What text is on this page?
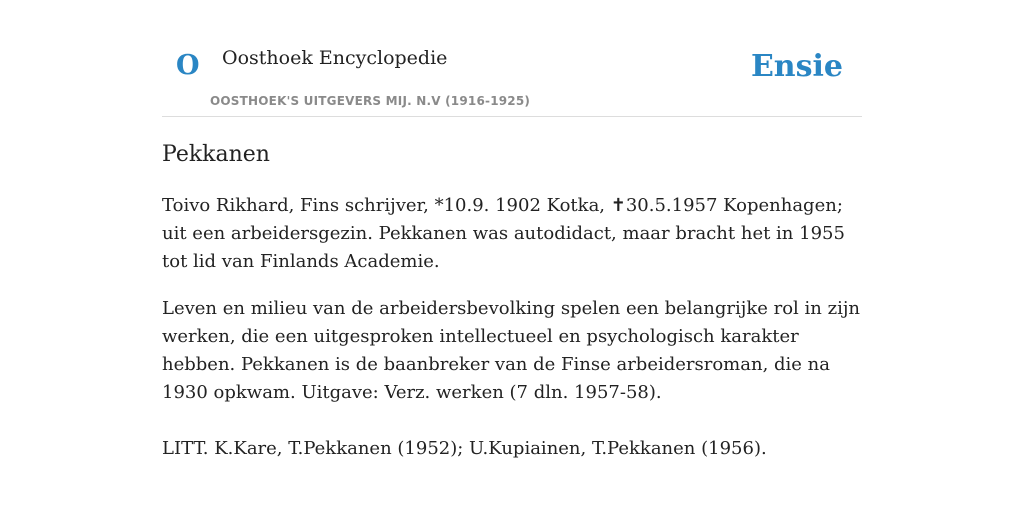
O Oosthoek Encyclopedie
OOSTHOEK'S UITGEVERS MIJ. N.V (1916-1925)
Ensie
Pekkanen

Toivo Rikhard, Fins schrijver, *10.9. 1902 Kotka, ✝30.5.1957 Kopenhagen; uit een arbeidersgezin. Pekkanen was autodidact, maar bracht het in 1955 tot lid van Finlands Academie.

Leven en milieu van de arbeidersbevolking spelen een belangrijke rol in zijn werken, die een uitgesproken intellectueel en psychologisch karakter hebben. Pekkanen is de baanbreker van de Finse arbeidersroman, die na 1930 opkwam. Uitgave: Verz. werken (7 dln. 1957-58).

LITT. K.Kare, T.Pekkanen (1952); U.Kupiainen, T.Pekkanen (1956).
